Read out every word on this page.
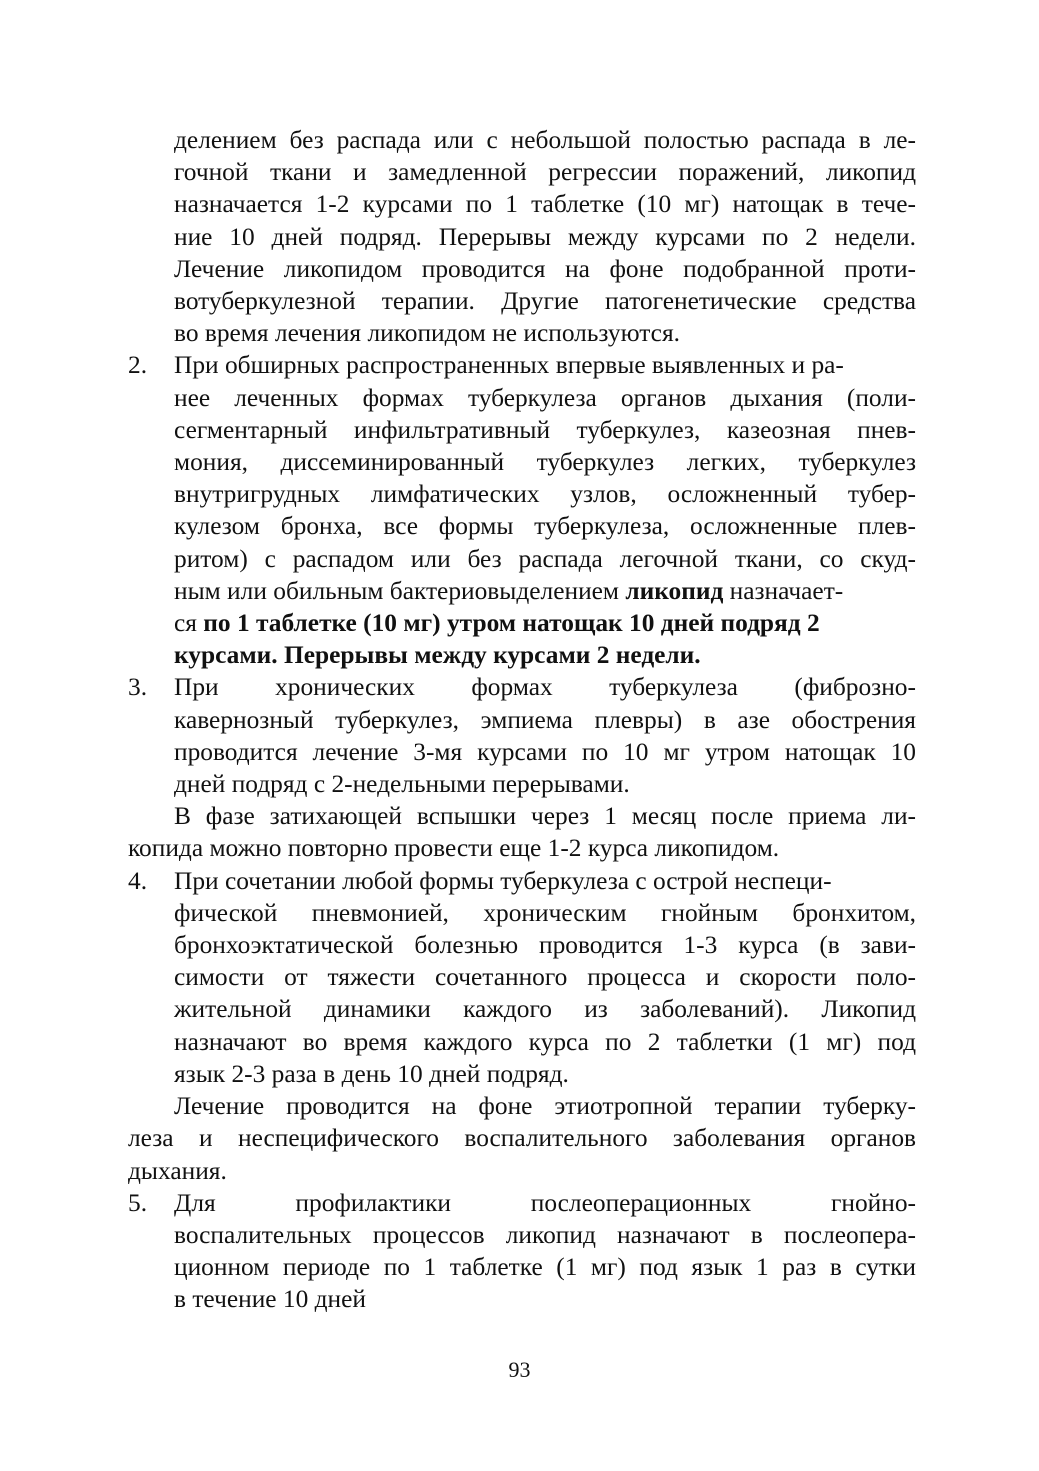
делением без распада или с небольшой полостью распада в ле-
гочной ткани и замедленной регрессии поражений, ликопид
назначается 1-2 курсами по 1 таблетке (10 мг) натощак в тече-
ние 10 дней подряд. Перерывы между курсами по 2 недели.
Лечение ликопидом проводится на фоне подобранной проти-
вотуберкулезной терапии. Другие патогенетические средства
во время лечения ликопидом не используются.
2. При обширных распространенных впервые выявленных и ра-
нее леченных формах туберкулеза органов дыхания (поли-
сегментарный инфильтративный туберкулез, казеозная пнев-
мония, диссеминированный туберкулез легких, туберкулез
внутригрудных лимфатических узлов, осложненный тубер-
кулезом бронха, все формы туберкулеза, осложненные плев-
ритом) с распадом или без распада легочной ткани, со скуд-
ным или обильным бактериовыделением ликопид назначает-
ся по 1 таблетке (10 мг) утром натощак 10 дней подряд 2
курсами. Перерывы между курсами 2 недели.
3.	При хронических формах туберкулеза (фиброзно-
кавернозный туберкулез, эмпиема плевры) в азе обострения
проводится лечение 3-мя курсами по 10 мг утром натощак 10
дней подряд с 2-недельными перерывами.
В фазе затихающей вспышки через 1 месяц после приема ли-
копида можно повторно провести еще 1-2 курса ликопидом.
4. При сочетании любой формы туберкулеза с острой неспеци-
фической пневмонией, хроническим гнойным бронхитом,
бронхоэктатической болезнью проводится 1-3 курса (в зави-
симости от тяжести сочетанного процесса и скорости поло-
жительной динамики каждого из заболеваний). Ликопид
назначают во время каждого курса по 2 таблетки (1 мг) под
язык 2-3 раза в день 10 дней подряд.
Лечение проводится на фоне этиотропной терапии туберку-
леза и неспецифического воспалительного заболевания органов
дыхания.
5.	Для	профилактики	послеоперационных	гнойно-
воспалительных процессов ликопид назначают в послеопера-
ционном периоде по 1 таблетке (1 мг) под язык 1 раз в сутки
в течение 10 дней
93
